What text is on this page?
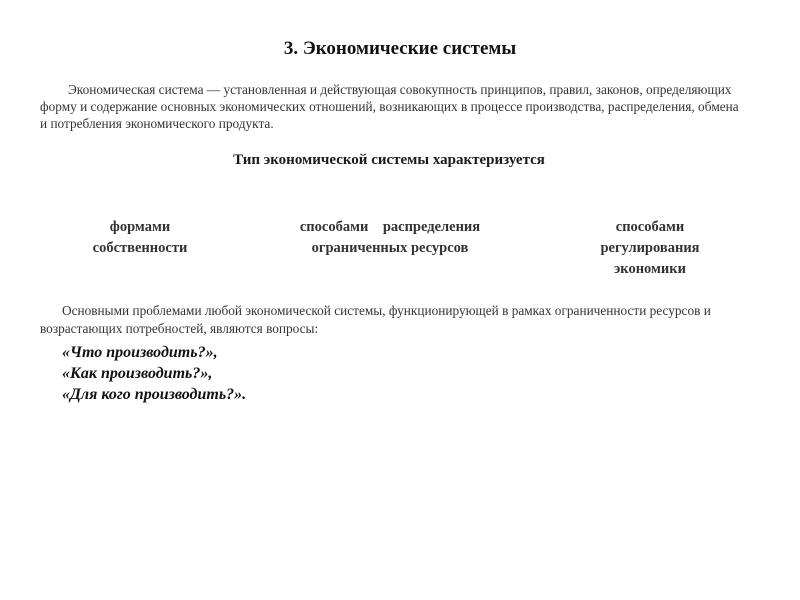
3. Экономические системы
Экономическая система — установленная и действующая совокупность принципов, правил, законов, определяющих форму и содержание основных экономических отношений, возникающих в процессе производства, распределения, обмена и потребления экономического продукта.
Тип экономической системы характеризуется
формами
собственности
способами    распределения
ограниченных ресурсов
способами
регулирования
экономики
Основными проблемами любой экономической системы, функционирующей в рамках ограниченности ресурсов и возрастающих потребностей, являются вопросы:
«Что производить?»,
«Как производить?»,
«Для кого производить?».
